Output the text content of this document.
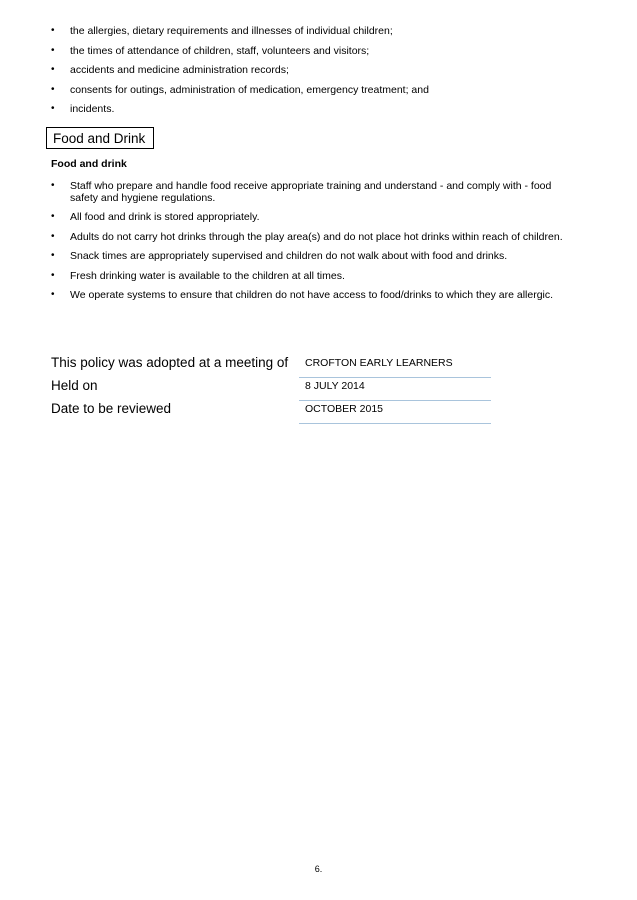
• the allergies, dietary requirements and illnesses of individual children;
• the times of attendance of children, staff, volunteers and visitors;
• accidents and medicine administration records;
• consents for outings, administration of medication, emergency treatment; and
• incidents.
Food and Drink
Food and drink
• Staff who prepare and handle food receive appropriate training and understand - and comply with - food safety and hygiene regulations.
• All food and drink is stored appropriately.
• Adults do not carry hot drinks through the play area(s) and do not place hot drinks within reach of children.
• Snack times are appropriately supervised and children do not walk about with food and drinks.
• Fresh drinking water is available to the children at all times.
• We operate systems to ensure that children do not have access to food/drinks to which they are allergic.
This policy was adopted at a meeting of	CROFTON EARLY LEARNERS
Held on	8 JULY 2014
Date to be reviewed	OCTOBER 2015
6.
